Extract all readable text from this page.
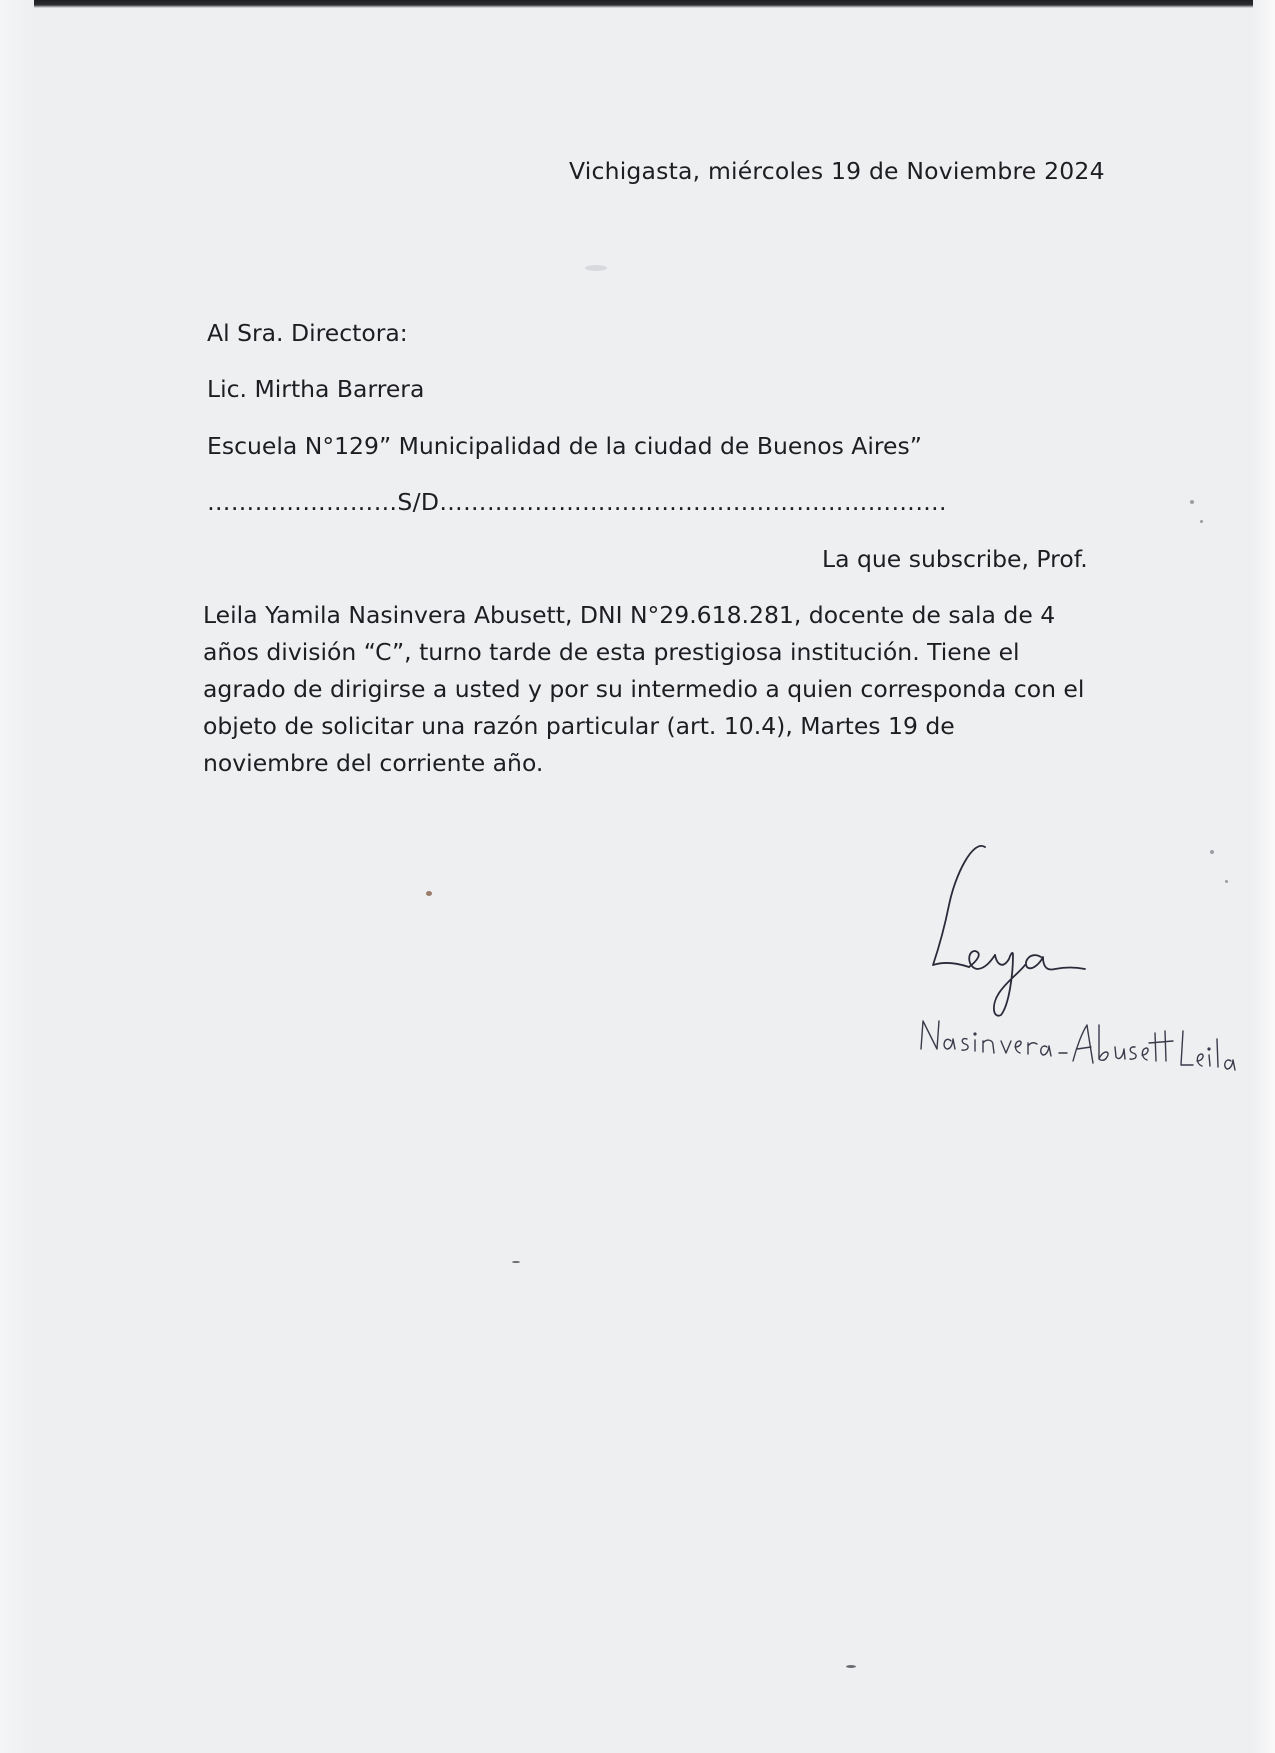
Vichigasta, miércoles 19 de Noviembre 2024
Al Sra. Directora:
Lic. Mirtha Barrera
Escuela N°129” Municipalidad de la ciudad de Buenos Aires”
……………………S/D……………………………………………………….
La que subscribe, Prof.
Leila Yamila Nasinvera Abusett, DNI N°29.618.281, docente de sala de 4
años división “C”, turno tarde de esta prestigiosa institución. Tiene el
agrado de dirigirse a usted y por su intermedio a quien corresponda con el
objeto de solicitar una razón particular (art. 10.4), Martes 19 de
noviembre del corriente año.
